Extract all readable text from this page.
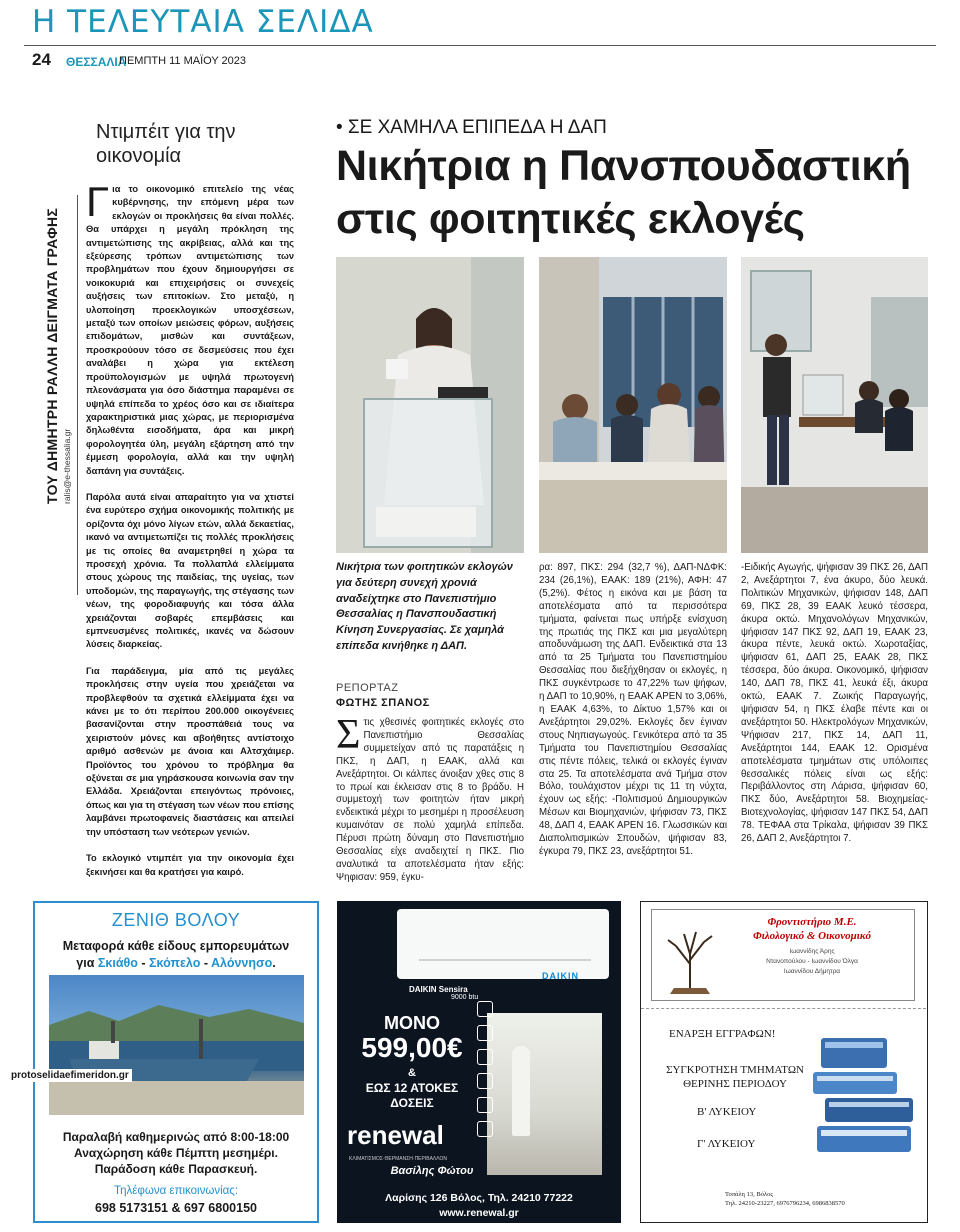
Η ΤΕΛΕΥΤΑΙΑ ΣΕΛΙΔΑ
24 ΘΕΣΣΑΛΙΑ
ΠΕΜΠΤΗ 11 ΜΑΪΟΥ 2023
ΤΟΥ ΔΗΜΗΤΡΗ ΡΑΛΛΗ ΔΕΙΓΜΑΤΑ ΓΡΑΦΗΣ
ralis@e-thessalia.gr
Ντιμπέιτ για την οικονομία

Για το οικονομικό επιτελείο της νέας κυβέρνησης, την επόμενη μέρα των εκλογών οι προκλήσεις θα είναι πολλές. Θα υπάρχει η μεγάλη πρόκληση της αντιμετώπισης της ακρίβειας, αλλά και της εξεύρεσης τρόπων αντιμετώπισης των προβλημάτων που έχουν δημιουργήσει σε νοικοκυριά και επιχειρήσεις οι συνεχείς αυξήσεις των επιτοκίων. Στο μεταξύ, η υλοποίηση προεκλογικών υποσχέσεων, μεταξύ των οποίων μειώσεις φόρων, αυξήσεις επιδομάτων, μισθών και συντάξεων, προσκρούουν τόσο σε δεσμεύσεις που έχει αναλάβει η χώρα για εκτέλεση προϋπολογισμών με υψηλά πρωτογενή πλεονάσματα για όσο διάστημα παραμένει σε υψηλά επίπεδα το χρέος όσο και σε ιδιαίτερα χαρακτηριστικά μιας χώρας, με περιορισμένα δηλωθέντα εισοδήματα, άρα και μικρή φορολογητέα ύλη, μεγάλη εξάρτηση από την έμμεση φορολογία, αλλά και την υψηλή δαπάνη για συντάξεις.

Παρόλα αυτά είναι απαραίτητο για να χτιστεί ένα ευρύτερο σχήμα οικονομικής πολιτικής με ορίζοντα όχι μόνο λίγων ετών, αλλά δεκαετίας, ικανό να αντιμετωπίζει τις πολλές προκλήσεις με τις οποίες θα αναμετρηθεί η χώρα τα προσεχή χρόνια. Τα πολλαπλά ελλείμματα στους χώρους της παιδείας, της υγείας, των υποδομών, της παραγωγής, της στέγασης των νέων, της φοροδιαφυγής και τόσα άλλα χρειάζονται σοβαρές επεμβάσεις και εμπνευσμένες πολιτικές, ικανές να δώσουν λύσεις διαρκείας.

Για παράδειγμα, μία από τις μεγάλες προκλήσεις στην υγεία που χρειάζεται να προβλεφθούν τα σχετικά ελλείμματα έχει να κάνει με το ότι περίπου 200.000 οικογένειες βασανίζονται στην προσπάθειά τους να χειριστούν μόνες και αβοήθητες αντίστοιχο αριθμό ασθενών με άνοια και Αλτσχάιμερ. Προϊόντος του χρόνου το πρόβλημα θα οξύνεται σε μια γηράσκουσα κοινωνία σαν την Ελλάδα. Χρειάζονται επειγόντως πρόνοιες, όπως και για τη στέγαση των νέων που επίσης λαμβάνει πρωτοφανείς διαστάσεις και απειλεί την υπόσταση των νεότερων γενιών.

Το εκλογικό ντιμπέιτ για την οικονομία έχει ξεκινήσει και θα κρατήσει για καιρό.

• ΣΕ ΧΑΜΗΛΑ ΕΠΙΠΕΔΑ Η ΔΑΠ
Νικήτρια η Πανσπουδαστική
στις φοιτητικές εκλογές
Νικήτρια των φοιτητικών εκλογών για δεύτερη συνεχή χρονιά αναδείχτηκε στο Πανεπιστήμιο Θεσσαλίας η Πανσπουδαστική Κίνηση Συνεργασίας. Σε χαμηλά επίπεδα κινήθηκε η ΔΑΠ.
ΡΕΠΟΡΤΑΖ
ΦΩΤΗΣ ΣΠΑΝΟΣ

Στις χθεσινές φοιτητικές εκλογές στο Πανεπιστήμιο Θεσσαλίας συμμετείχαν από τις παρατάξεις η ΠΚΣ, η ΔΑΠ, η ΕΑΑΚ, αλλά και Ανεξάρτητοι. Οι κάλπες άνοιξαν χθες στις 8 το πρωί και έκλεισαν στις 8 το βράδυ. Η συμμετοχή των φοιτητών ήταν μικρή ενδεικτικά μέχρι το μεσημέρι η προσέλευση κυμαινόταν σε πολύ χαμηλά επίπεδα. Πέρυσι πρώτη δύναμη στο Πανεπιστήμιο Θεσσαλίας είχε αναδειχτεί η ΠΚΣ. Πιο αναλυτικά τα αποτελέσματα ήταν εξής: Ψηφισαν: 959, έγκυ-

ρα: 897, ΠΚΣ: 294 (32,7 %), ΔΑΠ-ΝΔΦΚ: 234 (26,1%), ΕΑΑΚ: 189 (21%), ΑΦΗ: 47 (5,2%). Φέτος η εικόνα και με βάση τα αποτελέσματα από τα περισσότερα τμήματα, φαίνεται πως υπήρξε ενίσχυση της πρωτιάς της ΠΚΣ και μια μεγαλύτερη αποδυνάμωση της ΔΑΠ. Ενδεικτικά στα 13 από τα 25 Τμήματα του Πανεπιστημίου Θεσσαλίας που διεξήχθησαν οι εκλογές, η ΠΚΣ συγκέντρωσε το 47,22% των ψήφων, η ΔΑΠ το 10,90%, η ΕΑΑΚ ΑΡΕΝ το 3,06%, η ΕΑΑΚ 4,63%, το Δίκτυο 1,57% και οι Ανεξάρτητοι 29,02%. Εκλογές δεν έγιναν στους Νηπιαγωγούς. Γενικότερα από τα 35 Τμήματα του Πανεπιστημίου Θεσσαλίας στις πέντε πόλεις, τελικά οι εκλογές έγιναν στα 25. Τα αποτελέσματα ανά Τμήμα στον Βόλο, τουλάχιστον μέχρι τις 11 τη νύχτα, έχουν ως εξής: -Πολιτισμού Δημιουργικών Μέσων και Βιομηχανιών, ψήφισαν 73, ΠΚΣ 48, ΔΑΠ 4, ΕΑΑΚ ΑΡΕΝ 16. Γλωσσικών και Διαπολιτισμικών Σπουδών, ψήφισαν 83, έγκυρα 79, ΠΚΣ 23, ανεξάρτητοι 51.

-Ειδικής Αγωγής, ψήφισαν 39 ΠΚΣ 26, ΔΑΠ 2, Ανεξάρτητοι 7, ένα άκυρο, δύο λευκά. Πολιτικών Μηχανικών, ψήφισαν 148, ΔΑΠ 69, ΠΚΣ 28, 39 ΕΑΑΚ λευκό τέσσερα, άκυρα οκτώ. Μηχανολόγων Μηχανικών, ψήφισαν 147 ΠΚΣ 92, ΔΑΠ 19, ΕΑΑΚ 23, άκυρα πέντε, λευκά οκτώ. Χωροταξίας, ψήφισαν 61, ΔΑΠ 25, ΕΑΑΚ 28, ΠΚΣ τέσσερα, δύο άκυρα. Οικονομικό, ψήφισαν 140, ΔΑΠ 78, ΠΚΣ 41, λευκά έξι, άκυρα οκτώ, ΕΑΑΚ 7. Ζωικής Παραγωγής, ψήφισαν 54, η ΠΚΣ έλαβε πέντε και οι ανεξάρτητοι 50. Ηλεκτρολόγων Μηχανικών, Ψήφισαν 217, ΠΚΣ 14, ΔΑΠ 11, Ανεξάρτητοι 144, ΕΑΑΚ 12. Ορισμένα αποτελέσματα τμημάτων στις υπόλοιπες θεσσαλικές πόλεις είναι ως εξής: Περιβάλλοντος στη Λάρισα, ψήφισαν 60, ΠΚΣ δύο, Ανεξάρτητοι 58. Βιοχημείας-Βιοτεχνολογίας, ψήφισαν 147 ΠΚΣ 54, ΔΑΠ 78. ΤΕΦΑΑ στα Τρίκαλα, ψήφισαν 39 ΠΚΣ 26, ΔΑΠ 2, Ανεξάρτητοι 7.

ΖΕΝΙΘ ΒΟΛΟΥ
Μεταφορά κάθε είδους εμπορευμάτων
για Σκιάθο - Σκόπελο - Αλόννησο.
Παραλαβή καθημερινώς από 8:00-18:00
Αναχώρηση κάθε Πέμπτη μεσημέρι.
Παράδοση κάθε Παρασκευή.
Τηλέφωνα επικοινωνίας:
698 5173151 & 697 6800150
protoselidaefimeridon.gr
DAIKIN Sensira
9000 btu
DAIKIN
ΜΟΝΟ
599,00€
&
ΕΩΣ 12 ΑΤΟΚΕΣ
ΔΟΣΕΙΣ
renewal
ΚΛΙΜΑΤΙΣΜΟΣ·ΘΕΡΜΑΝΣΗ·ΠΕΡΙΒΑΛΛΟΝ
Βασίλης Φώτου
Λαρίσης 126 Βόλος, Τηλ. 24210 77222
www.renewal.gr
Φροντιστήριο Μ.Ε.
Φιλολογικό & Οικονομικό
Ιωαννίδης Άρης
Ντανοπούλου - Ιωαννίδου Όλγα
Ιωαννίδου Δήμητρα
ΕΝΑΡΞΗ ΕΓΓΡΑΦΩΝ!
ΣΥΓΚΡΟΤΗΣΗ ΤΜΗΜΑΤΩΝ
ΘΕΡΙΝΗΣ ΠΕΡΙΟΔΟΥ
Β' ΛΥΚΕΙΟΥ
Γ' ΛΥΚΕΙΟΥ
Τοπάλη 13, Βόλος
Τηλ. 24210-23227, 6976796234, 6986838570
